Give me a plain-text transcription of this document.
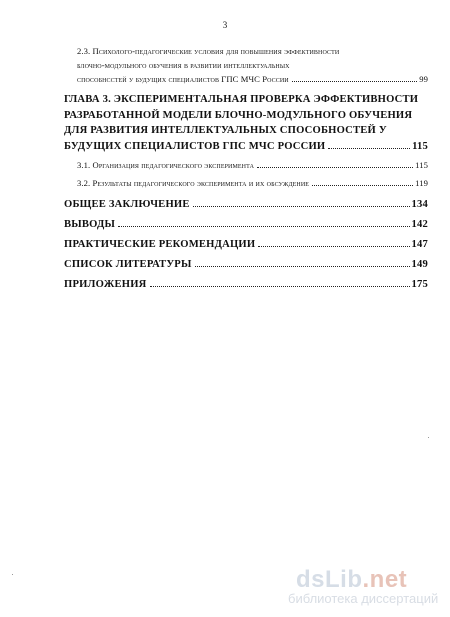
3
2.3. Психолого-педагогические условия для повышения эффективности
блочно-модульного обучения в развитии интеллектуальных
способнсстей у будущих специалистов ГПС МЧС России	99
ГЛАВА 3. ЭКСПЕРИМЕНТАЛЬНАЯ ПРОВЕРКА ЭФФЕКТИВНОСТИ
РАЗРАБОТАННОЙ МОДЕЛИ БЛОЧНО-МОДУЛЬНОГО ОБУЧЕНИЯ
ДЛЯ РАЗВИТИЯ ИНТЕЛЛЕКТУАЛЬНЫХ СПОСОБНОСТЕЙ У
БУДУЩИХ СПЕЦИАЛИСТОВ ГПС МЧС РОССИИ	115
3.1. Организация педагогического эксперимента	115
3.2. Результаты педагогического эксперимента и их обсуждение	119
ОБЩЕЕ ЗАКЛЮЧЕНИЕ	134
ВЫВОДЫ	142
ПРАКТИЧЕСКИЕ РЕКОМЕНДАЦИИ	147
СПИСОК ЛИТЕРАТУРЫ	149
ПРИЛОЖЕНИЯ	175
dsLib.net
библиотека диссертаций
